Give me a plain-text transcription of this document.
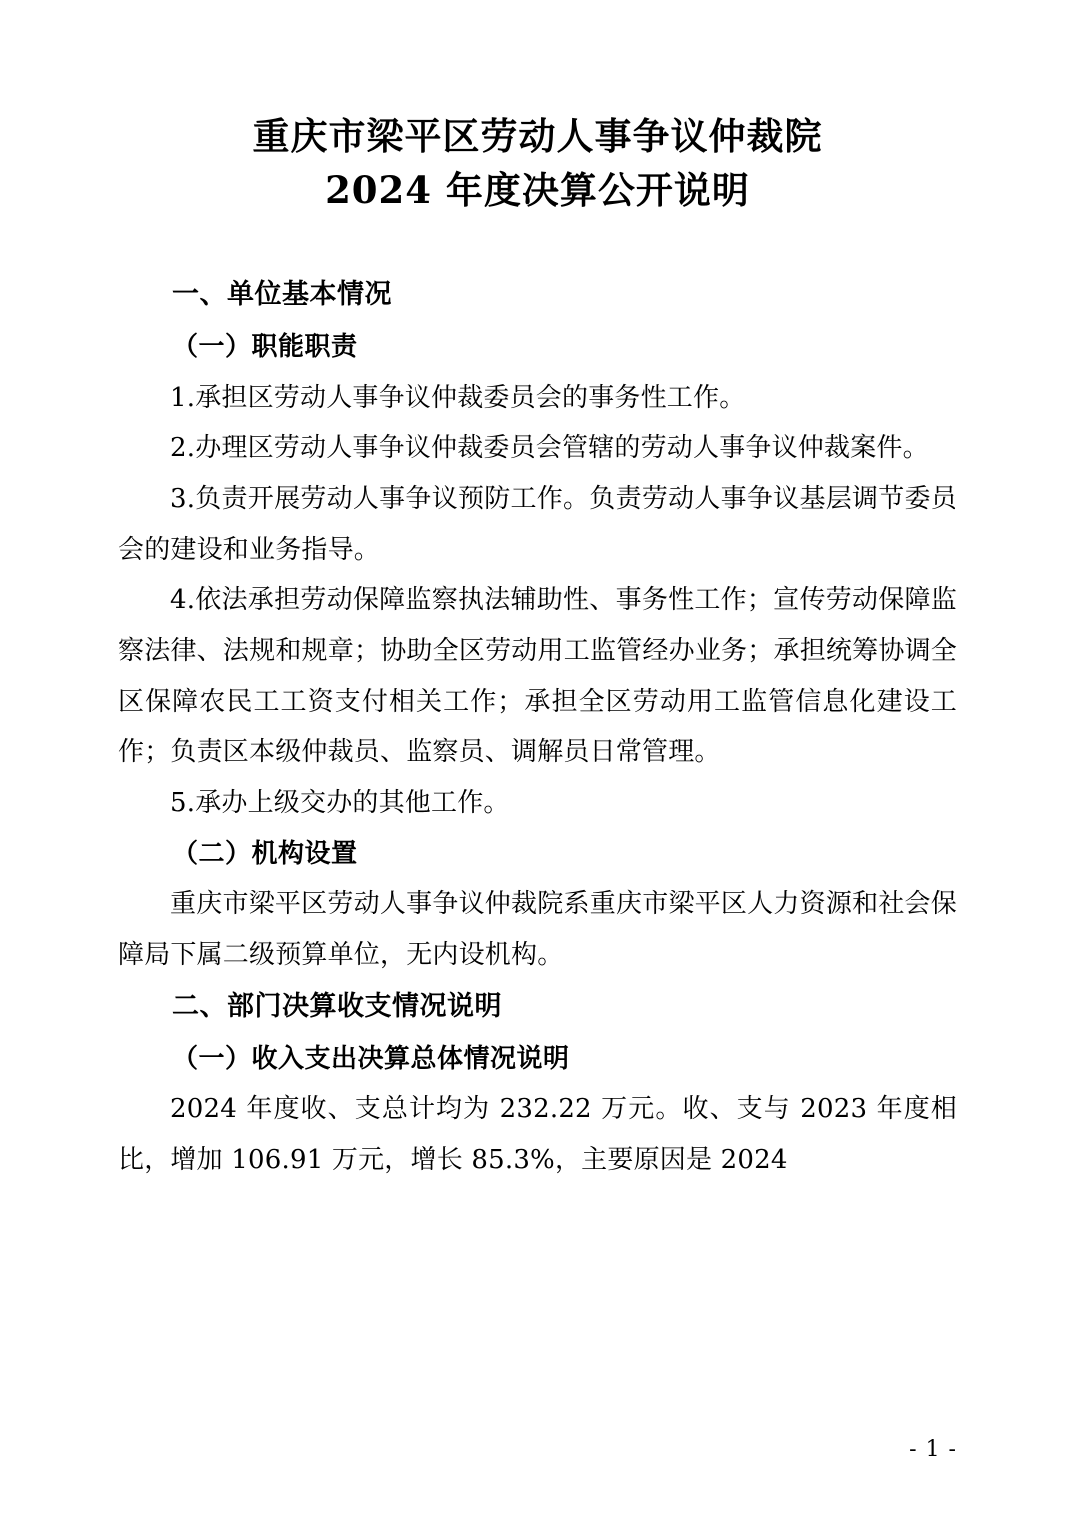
重庆市梁平区劳动人事争议仲裁院
2024 年度决算公开说明
一、单位基本情况
（一）职能职责

1.承担区劳动人事争议仲裁委员会的事务性工作。

2.办理区劳动人事争议仲裁委员会管辖的劳动人事争议仲裁案件。

3.负责开展劳动人事争议预防工作。负责劳动人事争议基层调节委员会的建设和业务指导。

4.依法承担劳动保障监察执法辅助性、事务性工作；宣传劳动保障监察法律、法规和规章；协助全区劳动用工监管经办业务；承担统筹协调全区保障农民工工资支付相关工作；承担全区劳动用工监管信息化建设工作；负责区本级仲裁员、监察员、调解员日常管理。

5.承办上级交办的其他工作。

（二）机构设置

重庆市梁平区劳动人事争议仲裁院系重庆市梁平区人力资源和社会保障局下属二级预算单位，无内设机构。

二、部门决算收支情况说明
（一）收入支出决算总体情况说明

2024 年度收、支总计均为 232.22 万元。收、支与 2023 年度相比，增加 106.91 万元，增长 85.3%，主要原因是 2024

- 1 -
